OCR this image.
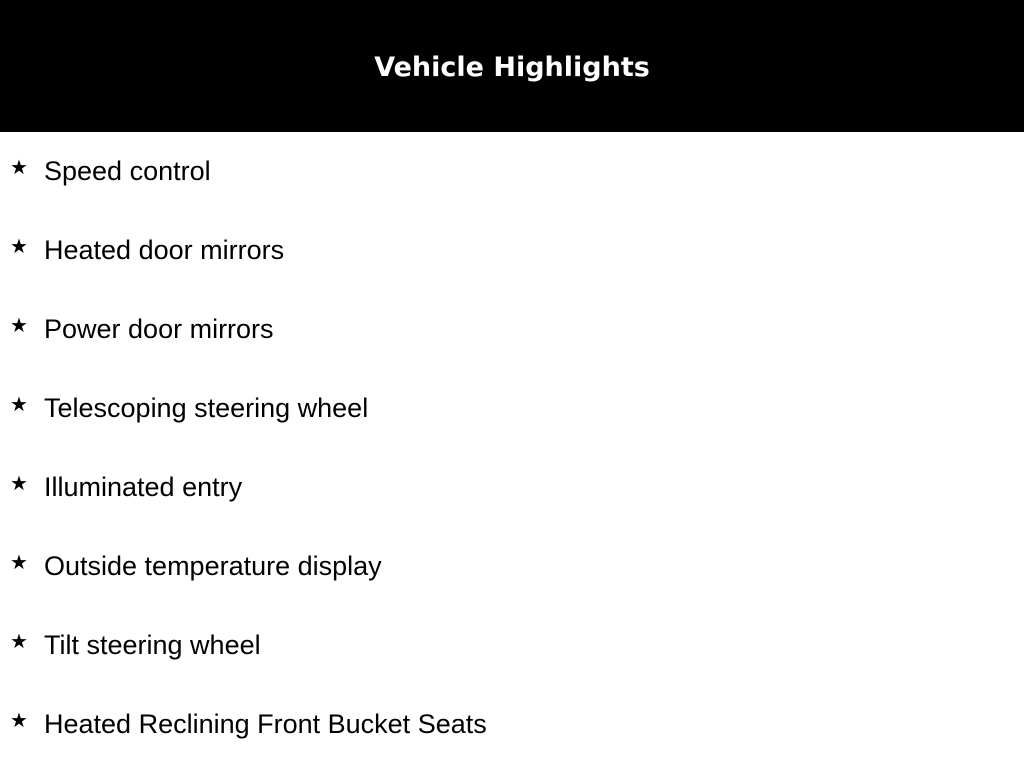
Vehicle Highlights
★ Speed control
★ Heated door mirrors
★ Power door mirrors
★ Telescoping steering wheel
★ Illuminated entry
★ Outside temperature display
★ Tilt steering wheel
★ Heated Reclining Front Bucket Seats
